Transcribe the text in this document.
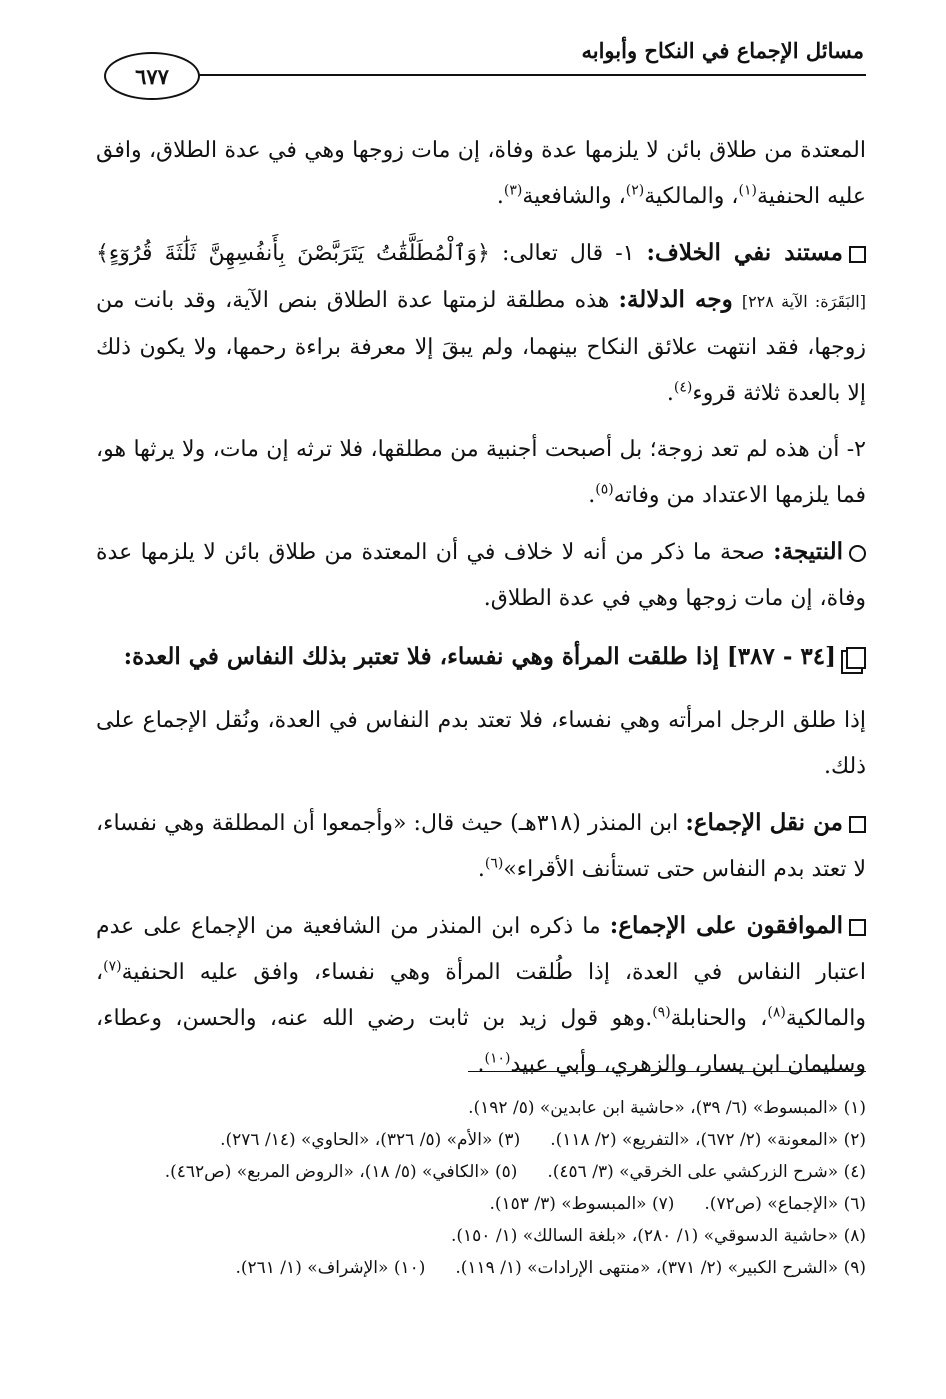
مسائل الإجماع في النكاح وأبوابه
٦٧٧

المعتدة من طلاق بائن لا يلزمها عدة وفاة، إن مات زوجها وهي في عدة الطلاق، وافق عليه الحنفية$^{(١)}$، والمالكية$^{(٢)}$، والشافعية$^{(٣)}$.

مستند نفي الخلاف: ١- قال تعالى: ﴿وَٱلْمُطَلَّقَٰتُ يَتَرَبَّصْنَ بِأَنفُسِهِنَّ ثَلَٰثَةَ قُرُوٓءٍ﴾ [البَقَرَة: الآية ٢٢٨] وجه الدلالة: هذه مطلقة لزمتها عدة الطلاق بنص الآية، وقد بانت من زوجها، فقد انتهت علائق النكاح بينهما، ولم يبقَ إلا معرفة براءة رحمها، ولا يكون ذلك إلا بالعدة ثلاثة قروء$^{(٤)}$.

٢- أن هذه لم تعد زوجة؛ بل أصبحت أجنبية من مطلقها، فلا ترثه إن مات، ولا يرثها هو، فما يلزمها الاعتداد من وفاته$^{(٥)}$.

النتيجة: صحة ما ذكر من أنه لا خلاف في أن المعتدة من طلاق بائن لا يلزمها عدة وفاة، إن مات زوجها وهي في عدة الطلاق.

[٣٤ - ٣٨٧] إذا طلقت المرأة وهي نفساء، فلا تعتبر بذلك النفاس في العدة:

إذا طلق الرجل امرأته وهي نفساء، فلا تعتد بدم النفاس في العدة، ونُقل الإجماع على ذلك.

من نقل الإجماع: ابن المنذر (٣١٨هـ) حيث قال: «وأجمعوا أن المطلقة وهي نفساء، لا تعتد بدم النفاس حتى تستأنف الأقراء»$^{(٦)}$.

الموافقون على الإجماع: ما ذكره ابن المنذر من الشافعية من الإجماع على عدم اعتبار النفاس في العدة، إذا طُلقت المرأة وهي نفساء، وافق عليه الحنفية$^{(٧)}$، والمالكية$^{(٨)}$، والحنابلة$^{(٩)}$.وهو قول زيد بن ثابت رضي الله عنه، والحسن، وعطاء، وسليمان ابن يسار، والزهري، وأبي عبيد$^{(١٠)}$.

(١) «المبسوط» (٦/ ٣٩)، «حاشية ابن عابدين» (٥/ ١٩٢).
(٢) «المعونة» (٢/ ٦٧٢)، «التفريع» (٢/ ١١٨).
(٣) «الأم» (٥/ ٣٢٦)، «الحاوي» (١٤/ ٢٧٦).
(٤) «شرح الزركشي على الخرقي» (٣/ ٤٥٦).
(٥) «الكافي» (٥/ ١٨)، «الروض المربع» (ص٤٦٢).
(٦) «الإجماع» (ص٧٢).
(٧) «المبسوط» (٣/ ١٥٣).
(٨) «حاشية الدسوقي» (١/ ٢٨٠)، «بلغة السالك» (١/ ١٥٠).
(٩) «الشرح الكبير» (٢/ ٣٧١)، «منتهى الإرادات» (١/ ١١٩).
(١٠) «الإشراف» (١/ ٢٦١).
